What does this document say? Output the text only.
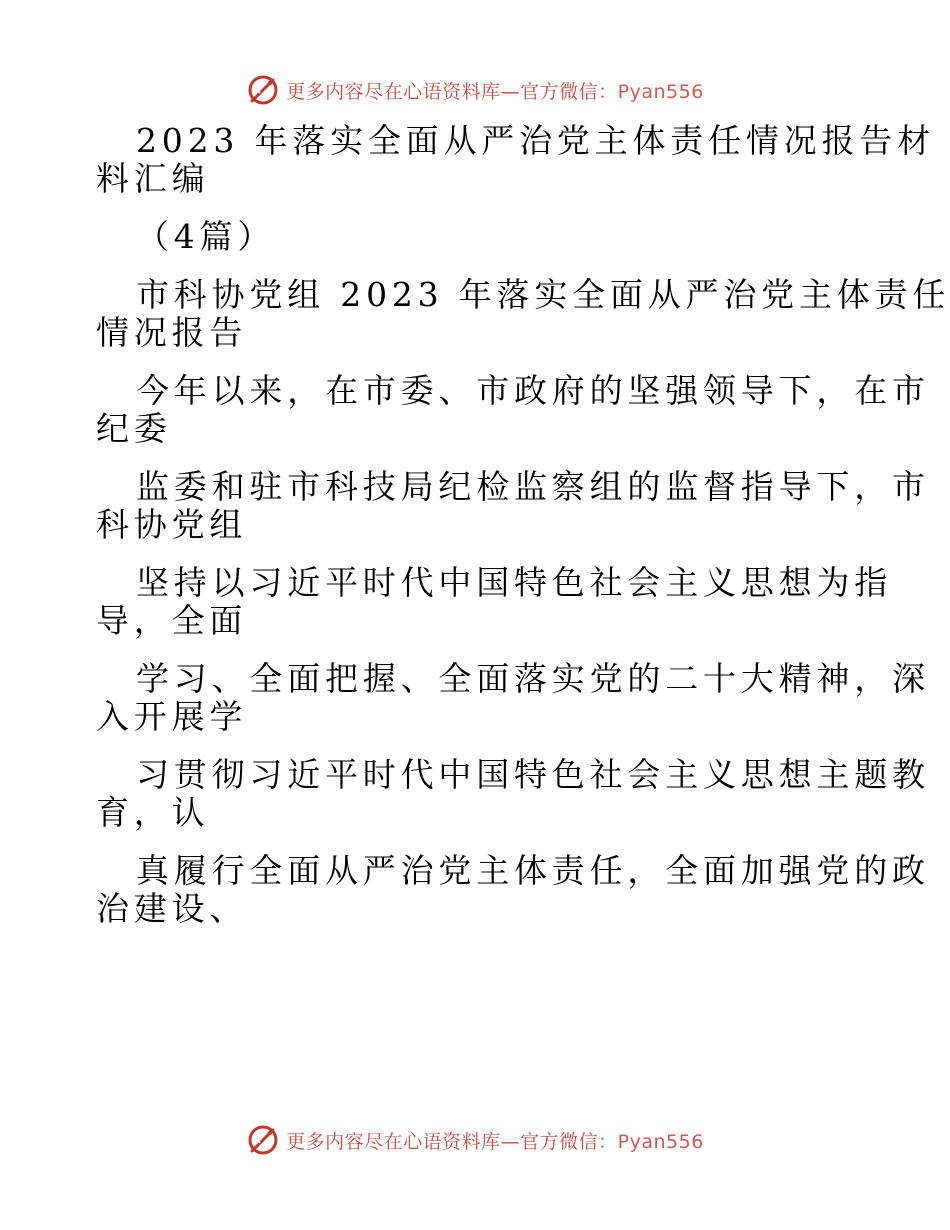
更多内容尽在心语资料库—官方微信：Pyan556
2023 年落实全面从严治党主体责任情况报告材
料汇编
（4篇）
市科协党组 2023 年落实全面从严治党主体责任
情况报告
今年以来，在市委、市政府的坚强领导下，在市
纪委
监委和驻市科技局纪检监察组的监督指导下，市
科协党组
坚持以习近平时代中国特色社会主义思想为指
导，全面
学习、全面把握、全面落实党的二十大精神，深
入开展学
习贯彻习近平时代中国特色社会主义思想主题教
育，认
真履行全面从严治党主体责任，全面加强党的政
治建设、
更多内容尽在心语资料库—官方微信：Pyan556
